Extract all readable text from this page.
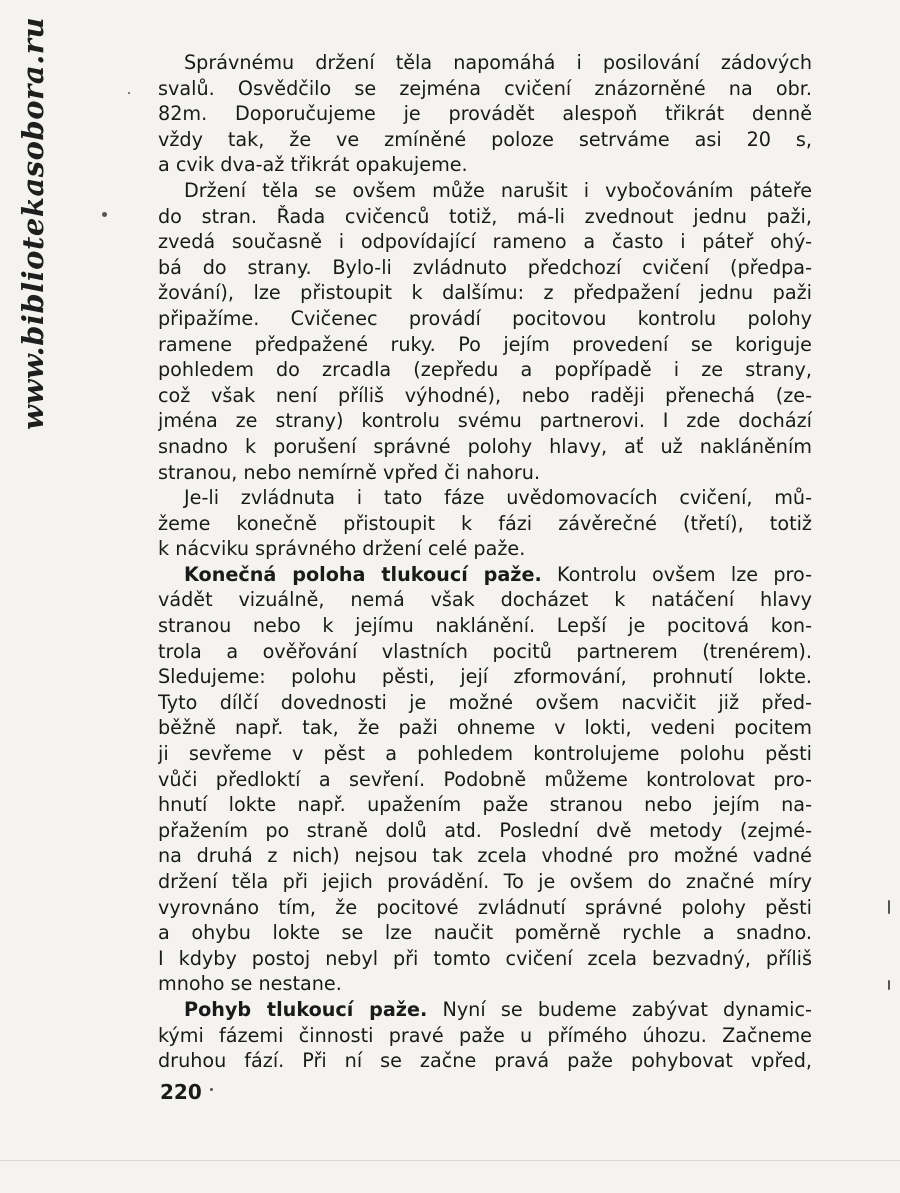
www.bibliotekasobora.ru	Správnému držení těla napomáhá i posilování zádových
svalů. Osvědčilo se zejména cvičení znázorněné na obr.
82m. Doporučujeme je provádět alespoň třikrát denně
vždy tak, že ve zmíněné poloze setrváme asi 20 s,
a cvik dva-až třikrát opakujeme.

Držení těla se ovšem může narušit i vybočováním páteře
do stran. Řada cvičenců totiž, má-li zvednout jednu paži,
zvedá současně i odpovídající rameno a často i páteř ohý-
bá do strany. Bylo-li zvládnuto předchozí cvičení (předpa-
žování), lze přistoupit k dalšímu: z předpažení jednu paži
připažíme. Cvičenec provádí pocitovou kontrolu polohy
ramene předpažené ruky. Po jejím provedení se koriguje
pohledem do zrcadla (zepředu a popřípadě i ze strany,
což však není příliš výhodné), nebo raději přenechá (ze-
jména ze strany) kontrolu svému partnerovi. I zde dochází
snadno k porušení správné polohy hlavy, ať už nakláněním
stranou, nebo nemírně vpřed či nahoru.

Je-li zvládnuta i tato fáze uvědomovacích cvičení, mů-
žeme konečně přistoupit k fázi závěrečné (třetí), totiž
k nácviku správného držení celé paže.

Konečná poloha tlukoucí paže. Kontrolu ovšem lze pro-
vádět vizuálně, nemá však docházet k natáčení hlavy
stranou nebo k jejímu naklánění. Lepší je pocitová kon-
trola a ověřování vlastních pocitů partnerem (trenérem).
Sledujeme: polohu pěsti, její zformování, prohnutí lokte.
Tyto dílčí dovednosti je možné ovšem nacvičit již před-
běžně např. tak, že paži ohneme v lokti, vedeni pocitem
ji sevřeme v pěst a pohledem kontrolujeme polohu pěsti
vůči předloktí a sevření. Podobně můžeme kontrolovat pro-
hnutí lokte např. upažením paže stranou nebo jejím na-
přažením po straně dolů atd. Poslední dvě metody (zejmé-
na druhá z nich) nejsou tak zcela vhodné pro možné vadné
držení těla při jejich provádění. To je ovšem do značné míry
vyrovnáno tím, že pocitové zvládnutí správné polohy pěsti
a ohybu lokte se lze naučit poměrně rychle a snadno.
I kdyby postoj nebyl při tomto cvičení zcela bezvadný, příliš
mnoho se nestane.

Pohyb tlukoucí paže. Nyní se budeme zabývat dynamic-
kými fázemi činnosti pravé paže u přímého úhozu. Začneme
druhou fází. Při ní se začne pravá paže pohybovat vpřed,

220
